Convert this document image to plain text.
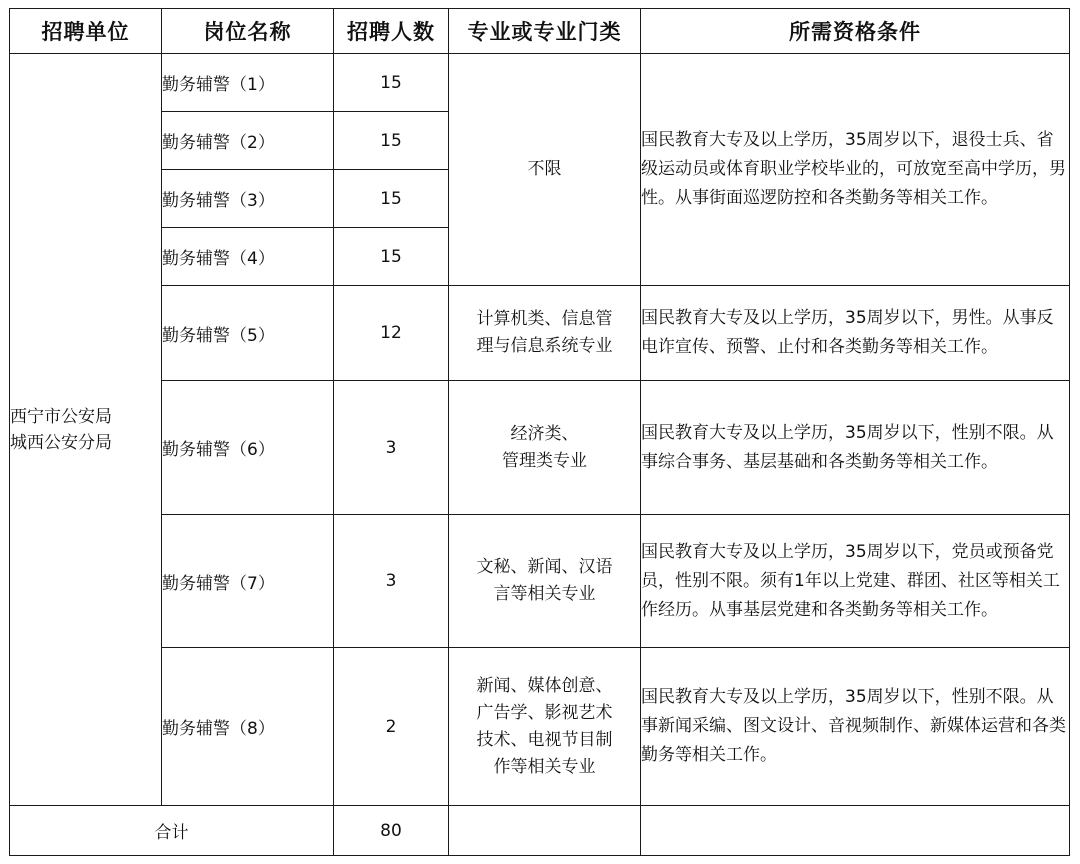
招聘单位	岗位名称	招聘人数	专业或专业门类	所需资格条件

西宁市公安局
城西公安分局	勤务辅警（1）	15	不限	国民教育大专及以上学历，35周岁以下，退役士兵、省级运动员或体育职业学校毕业的，可放宽至高中学历，男性。从事街面巡逻防控和各类勤务等相关工作。
	勤务辅警（2）	15		
	勤务辅警（3）	15		
	勤务辅警（4）	15		
	勤务辅警（5）	12	计算机类、信息管
理与信息系统专业	国民教育大专及以上学历，35周岁以下，男性。从事反电诈宣传、预警、止付和各类勤务等相关工作。
	勤务辅警（6）	3	经济类、
管理类专业	国民教育大专及以上学历，35周岁以下，性别不限。从事综合事务、基层基础和各类勤务等相关工作。
	勤务辅警（7）	3	文秘、新闻、汉语
言等相关专业	国民教育大专及以上学历，35周岁以下，党员或预备党员，性别不限。须有1年以上党建、群团、社区等相关工作经历。从事基层党建和各类勤务等相关工作。
	勤务辅警（8）	2	新闻、媒体创意、
广告学、影视艺术
技术、电视节目制
作等相关专业	国民教育大专及以上学历，35周岁以下，性别不限。从事新闻采编、图文设计、音视频制作、新媒体运营和各类勤务等相关工作。
合计		80		
